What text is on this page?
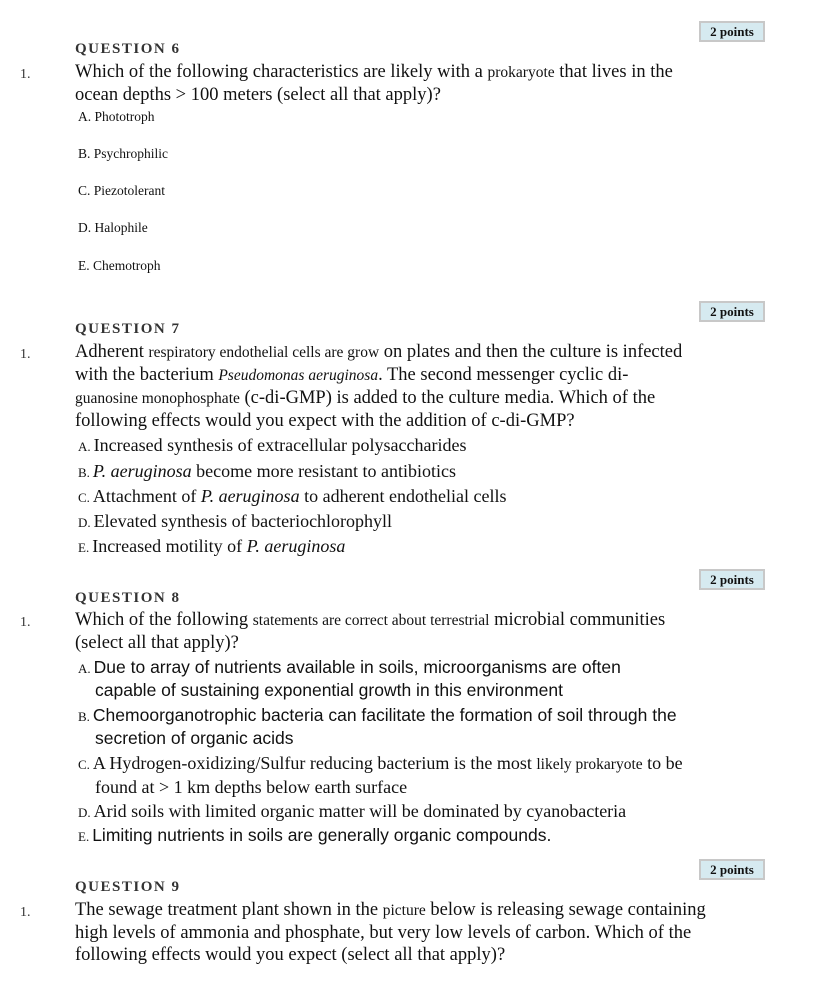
2 points
QUESTION 6
1. Which of the following characteristics are likely with a prokaryote that lives in the
ocean depths > 100 meters (select all that apply)?
A. Phototroph
B. Psychrophilic
C. Piezotolerant
D. Halophile
E. Chemotroph
2 points
QUESTION 7
1. Adherent respiratory endothelial cells are grow on plates and then the culture is infected
with the bacterium Pseudomonas aeruginosa. The second messenger cyclic di-
guanosine monophosphate (c-di-GMP) is added to the culture media. Which of the
following effects would you expect with the addition of c-di-GMP?
A. Increased synthesis of extracellular polysaccharides
B. P. aeruginosa become more resistant to antibiotics
C. Attachment of P. aeruginosa to adherent endothelial cells
D. Elevated synthesis of bacteriochlorophyll
E. Increased motility of P. aeruginosa
2 points
QUESTION 8
1. Which of the following statements are correct about terrestrial microbial communities
(select all that apply)?
A. Due to array of nutrients available in soils, microorganisms are often
capable of sustaining exponential growth in this environment
B. Chemoorganotrophic bacteria can facilitate the formation of soil through the
secretion of organic acids
C. A Hydrogen-oxidizing/Sulfur reducing bacterium is the most likely prokaryote to be
found at > 1 km depths below earth surface
D. Arid soils with limited organic matter will be dominated by cyanobacteria
E. Limiting nutrients in soils are generally organic compounds.
2 points
QUESTION 9
1. The sewage treatment plant shown in the picture below is releasing sewage containing
high levels of ammonia and phosphate, but very low levels of carbon. Which of the
following effects would you expect (select all that apply)?
